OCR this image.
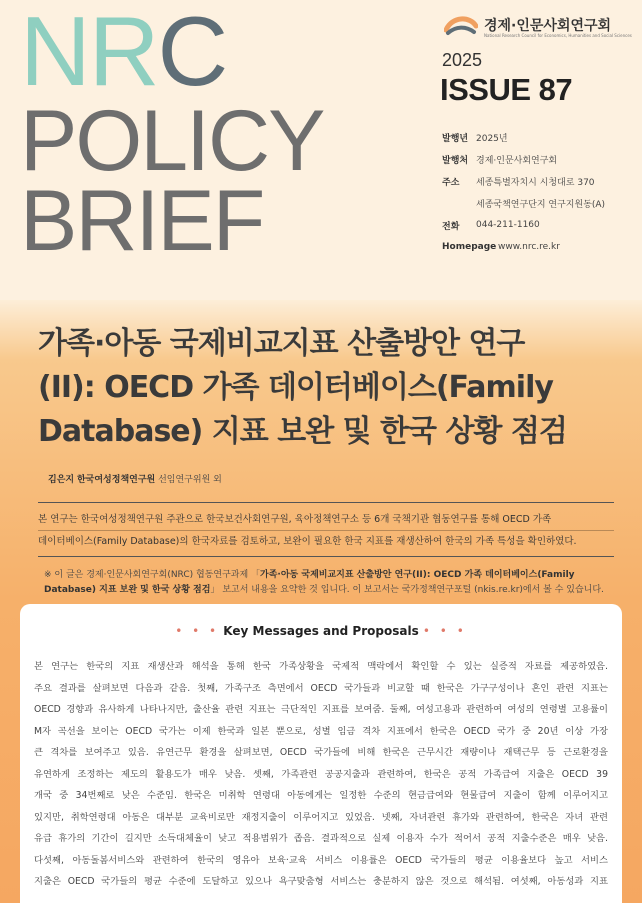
NRC
POLICY
BRIEF
경제·인문사회연구회
National Research Council for Economics, Humanities and Social Sciences
2025
ISSUE 87
발행년 2025년
발행처 경제·인문사회연구회
주소	세종특별자치시 시청대로 370
세종국책연구단지 연구지원동(A)
전화	044-211-1160
Homepage www.nrc.re.kr
가족·아동 국제비교지표 산출방안 연구
(II): OECD 가족 데이터베이스(Family
Database) 지표 보완 및 한국 상황 점검
김은지 한국여성정책연구원 선임연구위원 외
본 연구는 한국여성정책연구원 주관으로 한국보건사회연구원, 육아정책연구소 등 6개 국책기관 협동연구를 통해 OECD 가족
데이터베이스(Family Database)의 한국자료를 검토하고, 보완이 필요한 한국 지표를 재생산하여 한국의 가족 특성을 확인하였다.
※ 이 글은 경제·인문사회연구회(NRC) 협동연구과제 「가족·아동 국제비교지표 산출방안 연구(II): OECD 가족 데이터베이스(Family Database) 지표 보완 및 한국 상황 점검」 보고서 내용을 요약한 것 입니다. 이 보고서는 국가정책연구포털 (nkis.re.kr)에서 볼 수 있습니다.
• • • Key Messages and Proposals • • •
본 연구는 한국의 지표 재생산과 해석을 통해 한국 가족상황을 국제적 맥락에서 확인할 수 있는 실증적 자료를 제공하였음.
주요 결과를 살펴보면 다음과 같음. 첫째, 가족구조 측면에서 OECD 국가들과 비교할 때 한국은 가구구성이나 혼인 관련 지표는
OECD 경향과 유사하게 나타나지만, 출산율 관련 지표는 극단적인 지표를 보여줌. 둘째, 여성고용과 관련하여 여성의 연령별 고용률이
M자 곡선을 보이는 OECD 국가는 이제 한국과 일본 뿐으로, 성별 임금 격차 지표에서 한국은 OECD 국가 중 20년 이상 가장
큰 격차를 보여주고 있음. 유연근무 환경을 살펴보면, OECD 국가들에 비해 한국은 근무시간 재량이나 재택근무 등 근로환경을
유연하게 조정하는 제도의 활용도가 매우 낮음. 셋째, 가족관련 공공지출과 관련하여, 한국은 공적 가족급여 지출은 OECD 39
개국 중 34번째로 낮은 수준임. 한국은 미취학 연령대 아동에게는 일정한 수준의 현금급여와 현물급여 지출이 함께 이루어지고
있지만, 취학연령대 아동은 대부분 교육비로만 재정지출이 이루어지고 있었음. 넷째, 자녀관련 휴가와 관련하여, 한국은 자녀 관련
유급 휴가의 기간이 길지만 소득대체율이 낮고 적용범위가 좁음. 결과적으로 실제 이용자 수가 적어서 공적 지출수준은 매우 낮음.
다섯째, 아동돌봄서비스와 관련하여 한국의 영유아 보육·교육 서비스 이용률은 OECD 국가들의 평균 이용율보다 높고 서비스
지출은 OECD 국가들의 평균 수준에 도달하고 있으나 욕구맞춤형 서비스는 충분하지 않은 것으로 해석됨. 여섯째, 아동성과 지표
